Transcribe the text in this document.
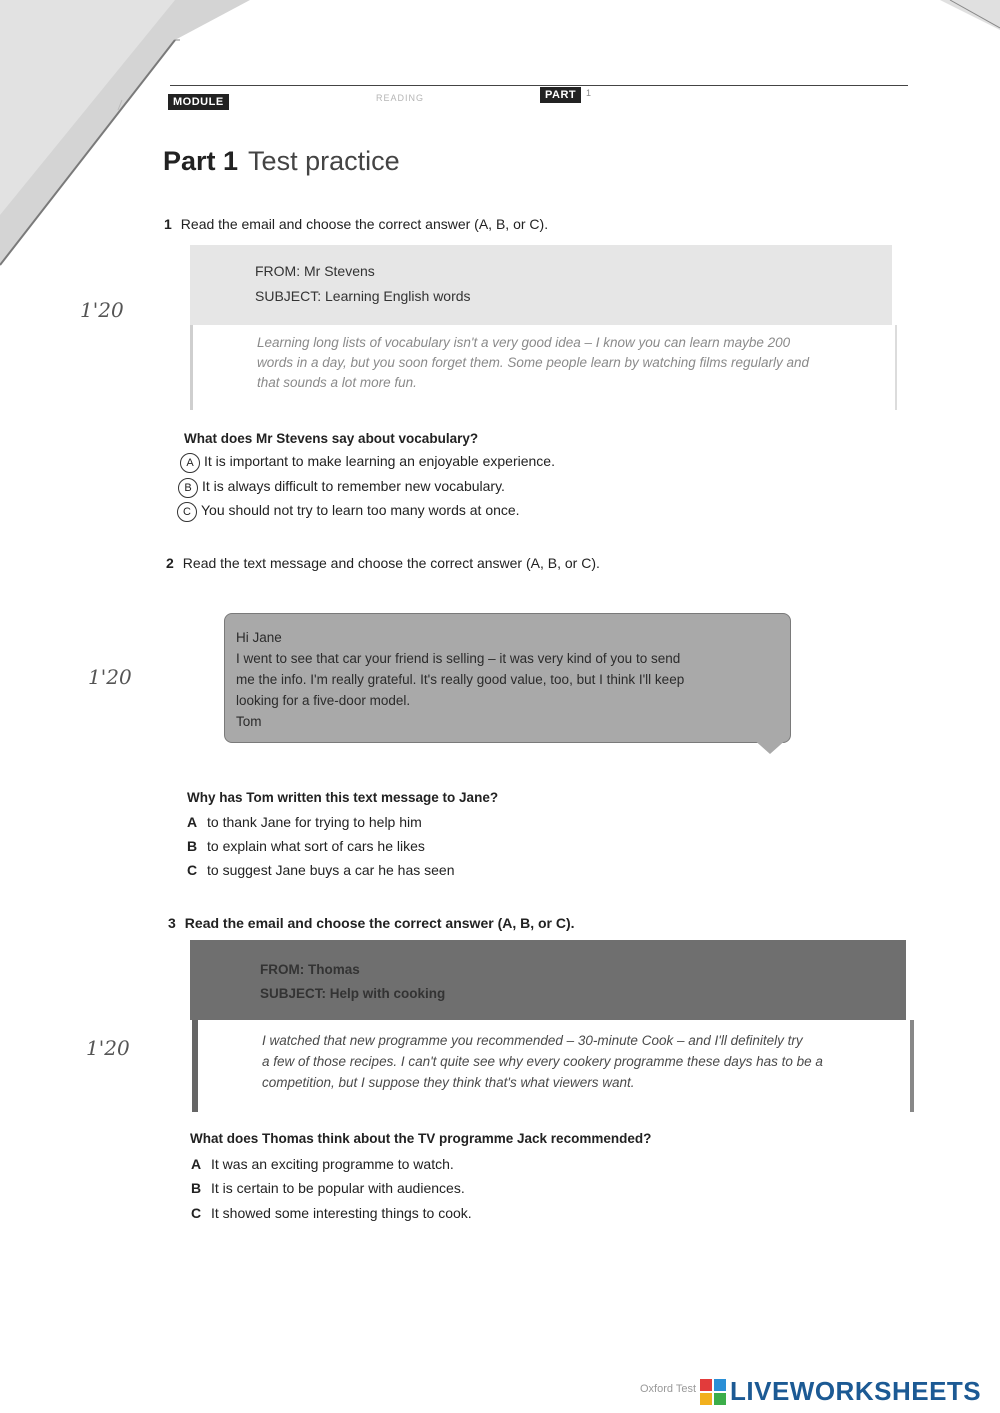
MODULE	READING	PART	1
Part 1 Test practice
1 Read the email and choose the correct answer (A, B, or C).
FROM: Mr Stevens
SUBJECT: Learning English words
Learning long lists of vocabulary isn't a very good idea – I know you can learn maybe 200
words in a day, but you soon forget them. Some people learn by watching films regularly and
that sounds a lot more fun.
1'20
What does Mr Stevens say about vocabulary?
A It is important to make learning an enjoyable experience.
B It is always difficult to remember new vocabulary.
C You should not try to learn too many words at once.
2 Read the text message and choose the correct answer (A, B, or C).
Hi Jane
I went to see that car your friend is selling – it was very kind of you to send
me the info. I'm really grateful. It's really good value, too, but I think I'll keep
looking for a five-door model.
Tom
1'20
Why has Tom written this text message to Jane?
A to thank Jane for trying to help him
B to explain what sort of cars he likes
C to suggest Jane buys a car he has seen
3 Read the email and choose the correct answer (A, B, or C).
FROM: Thomas
SUBJECT: Help with cooking
I watched that new programme you recommended – 30-minute Cook – and I'll definitely try
a few of those recipes. I can't quite see why every cookery programme these days has to be a
competition, but I suppose they think that's what viewers want.
1'20
What does Thomas think about the TV programme Jack recommended?
A It was an exciting programme to watch.
B It is certain to be popular with audiences.
C It showed some interesting things to cook.
Oxford Test LIVEWORKSHEETS
